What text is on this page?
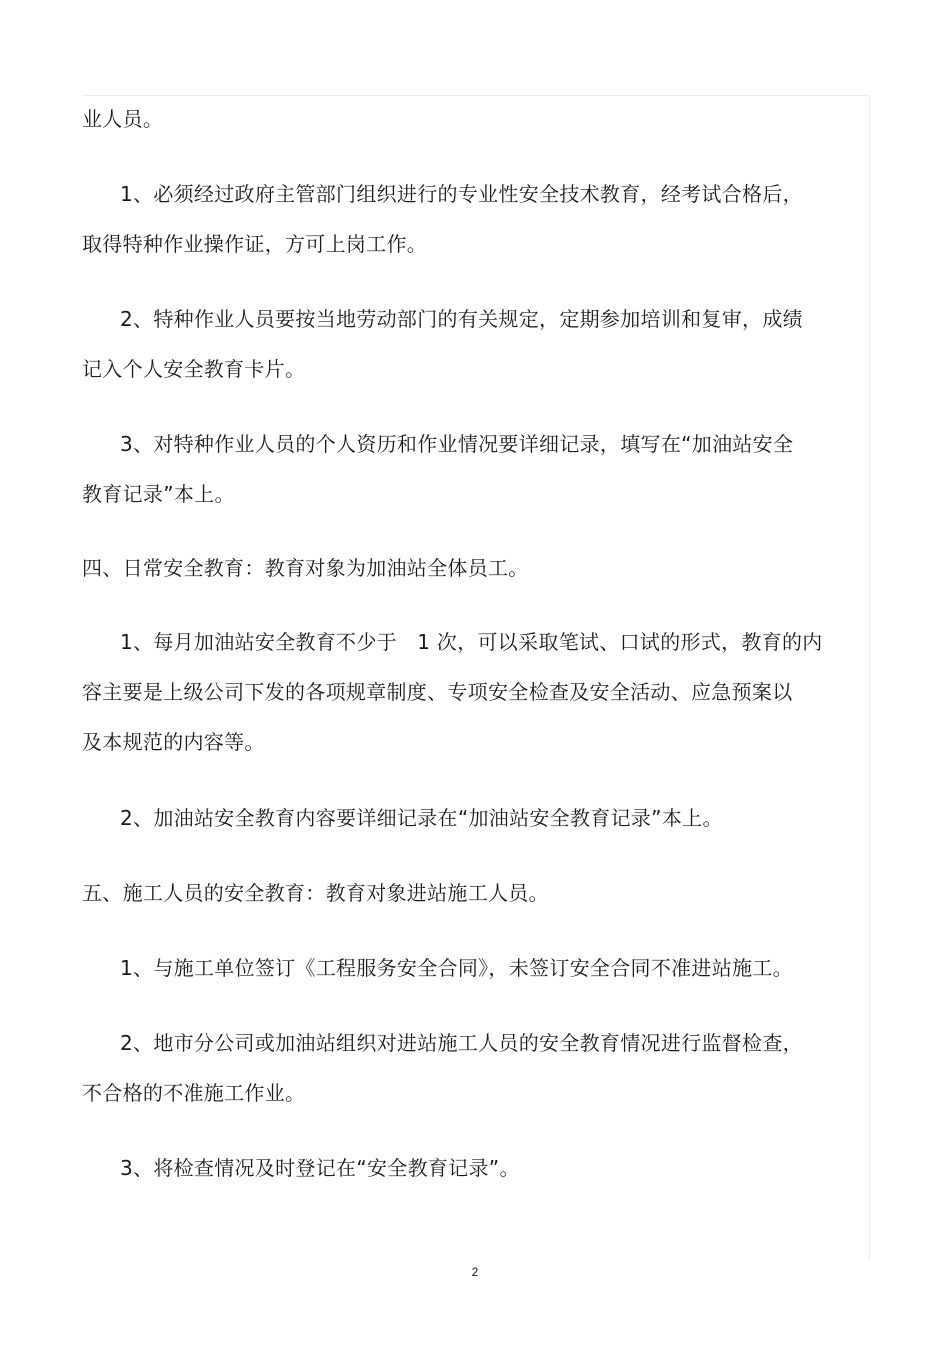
业人员。
1、必须经过政府主管部门组织进行的专业性安全技术教育，经考试合格后，
取得特种作业操作证，方可上岗工作。
2、特种作业人员要按当地劳动部门的有关规定，定期参加培训和复审，成绩
记入个人安全教育卡片。
3、对特种作业人员的个人资历和作业情况要详细记录，填写在“加油站安全
教育记录”本上。
四、日常安全教育：教育对象为加油站全体员工。
1、每月加油站安全教育不少于　1 次，可以采取笔试、口试的形式，教育的内
容主要是上级公司下发的各项规章制度、专项安全检查及安全活动、应急预案以
及本规范的内容等。
2、加油站安全教育内容要详细记录在“加油站安全教育记录”本上。
五、施工人员的安全教育：教育对象进站施工人员。
1、与施工单位签订《工程服务安全合同》，未签订安全合同不准进站施工。
2、地市分公司或加油站组织对进站施工人员的安全教育情况进行监督检查，
不合格的不准施工作业。
3、将检查情况及时登记在“安全教育记录”。
2
